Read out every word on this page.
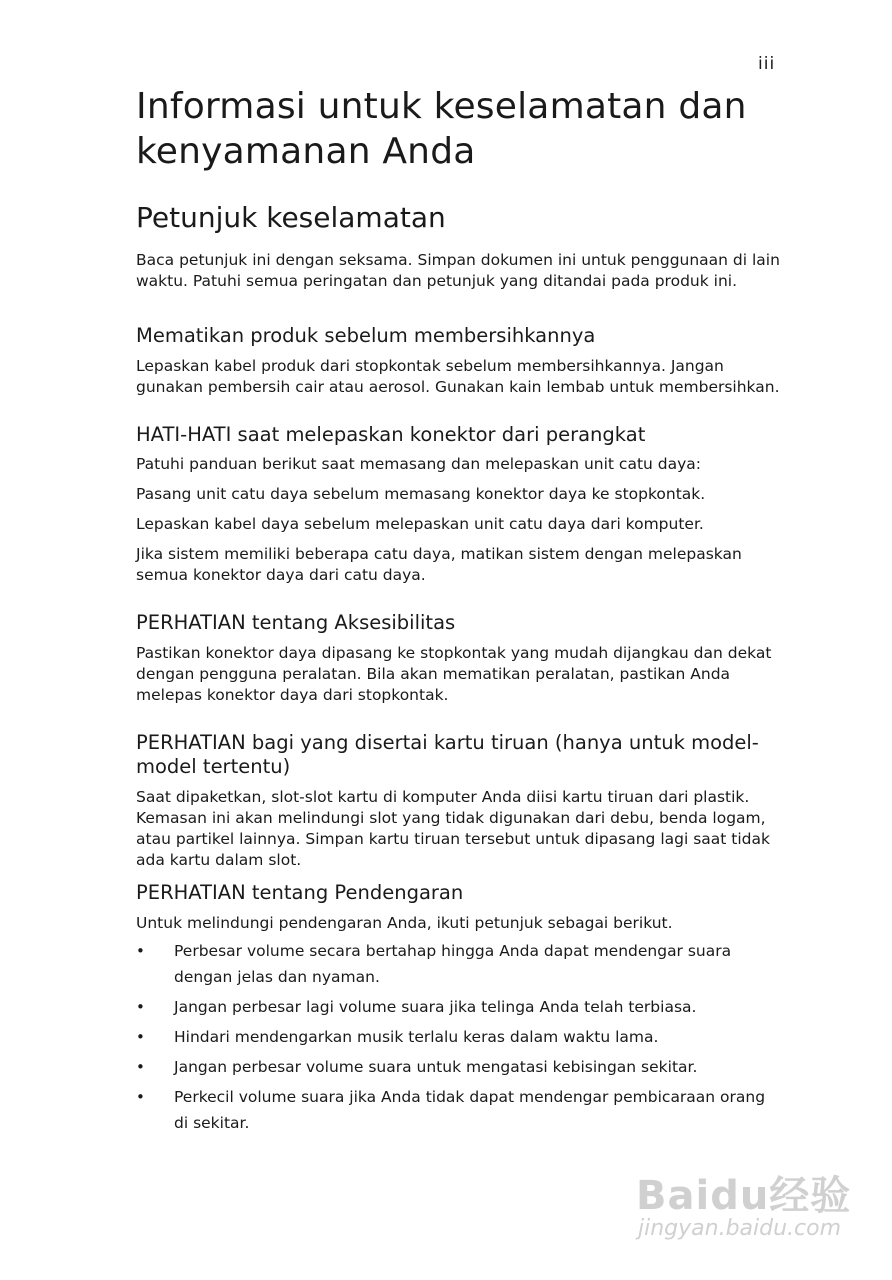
iii
Informasi untuk keselamatan dan
kenyamanan Anda
Petunjuk keselamatan

Baca petunjuk ini dengan seksama. Simpan dokumen ini untuk penggunaan di lain waktu. Patuhi semua peringatan dan petunjuk yang ditandai pada produk ini.

Mematikan produk sebelum membersihkannya

Lepaskan kabel produk dari stopkontak sebelum membersihkannya. Jangan gunakan pembersih cair atau aerosol. Gunakan kain lembab untuk membersihkan.

HATI-HATI saat melepaskan konektor dari perangkat

Patuhi panduan berikut saat memasang dan melepaskan unit catu daya:

Pasang unit catu daya sebelum memasang konektor daya ke stopkontak.

Lepaskan kabel daya sebelum melepaskan unit catu daya dari komputer.

Jika sistem memiliki beberapa catu daya, matikan sistem dengan melepaskan semua konektor daya dari catu daya.

PERHATIAN tentang Aksesibilitas

Pastikan konektor daya dipasang ke stopkontak yang mudah dijangkau dan dekat dengan pengguna peralatan. Bila akan mematikan peralatan, pastikan Anda melepas konektor daya dari stopkontak.

PERHATIAN bagi yang disertai kartu tiruan (hanya untuk model-model tertentu)

Saat dipaketkan, slot-slot kartu di komputer Anda diisi kartu tiruan dari plastik. Kemasan ini akan melindungi slot yang tidak digunakan dari debu, benda logam, atau partikel lainnya. Simpan kartu tiruan tersebut untuk dipasang lagi saat tidak ada kartu dalam slot.

PERHATIAN tentang Pendengaran

Untuk melindungi pendengaran Anda, ikuti petunjuk sebagai berikut.

• Perbesar volume secara bertahap hingga Anda dapat mendengar suara dengan jelas dan nyaman.
• Jangan perbesar lagi volume suara jika telinga Anda telah terbiasa.
• Hindari mendengarkan musik terlalu keras dalam waktu lama.
• Jangan perbesar volume suara untuk mengatasi kebisingan sekitar.
• Perkecil volume suara jika Anda tidak dapat mendengar pembicaraan orang di sekitar.
Baidu经验
jingyan.baidu.com
